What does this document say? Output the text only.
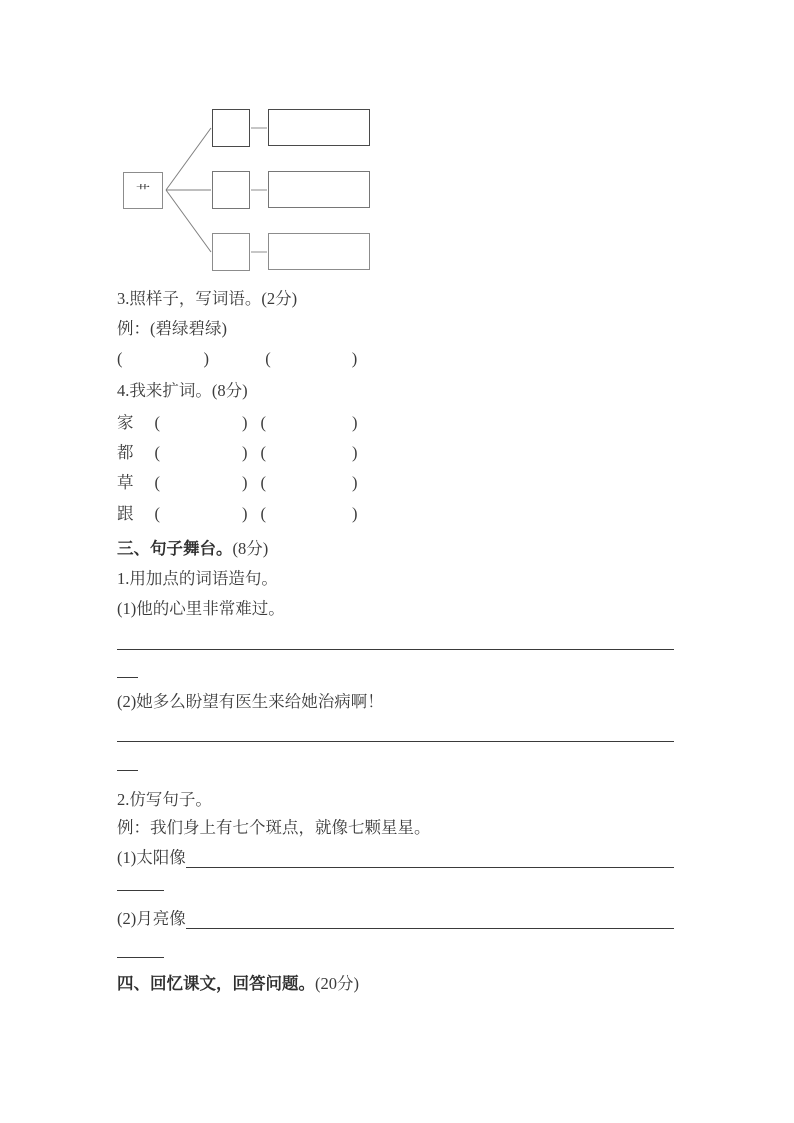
艹
3.照样子，写词语。(2分)
例：(碧绿碧绿)
(	)	(	)
4.我来扩词。(8分)
家 (	) (	)
都 (	) (	)
草 (	) (	)
跟 (	) (	)
三、句子舞台。(8分)
1.用加点的词语造句。
(1)他的心里非常难过。
(2)她多么盼望有医生来给她治病啊！
2.仿写句子。
例：我们身上有七个斑点，就像七颗星星。
(1)太阳像
(2)月亮像
四、回忆课文，回答问题。(20分)
